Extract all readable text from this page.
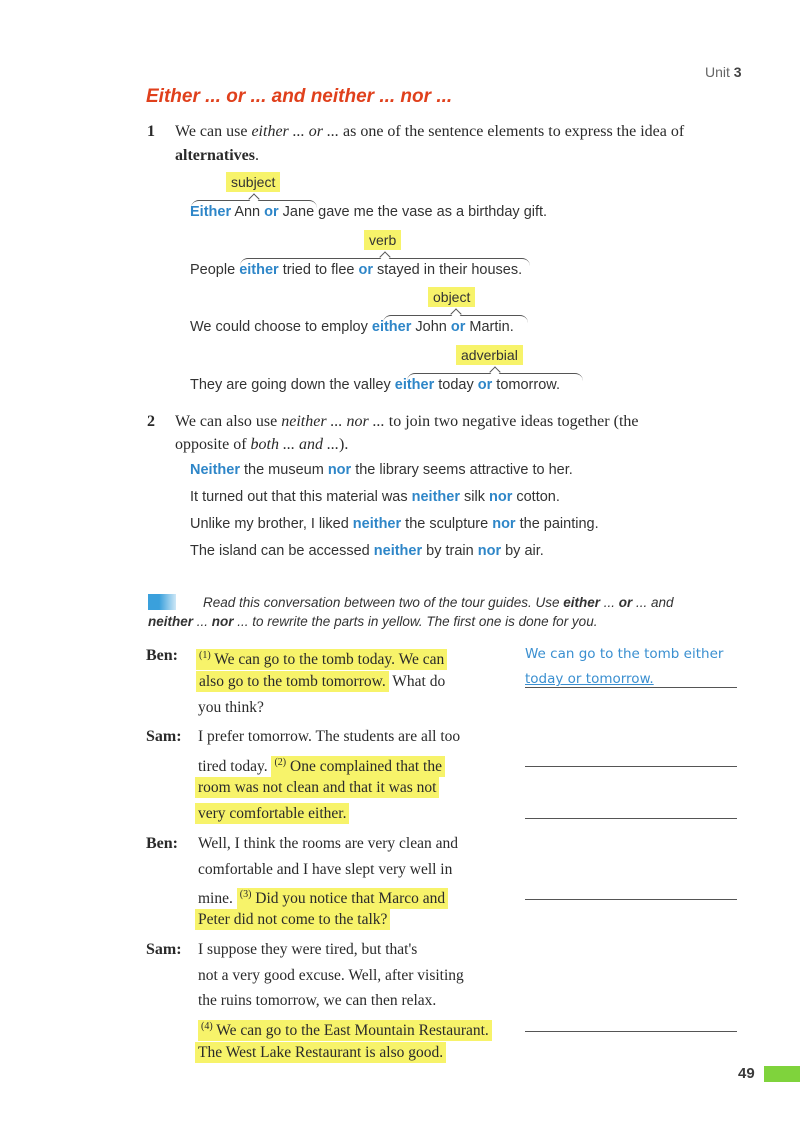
Unit 3
Either ... or ... and neither ... nor ...
1 We can use either ... or ... as one of the sentence elements to express the idea of
alternatives.
subject
Either Ann or Jane gave me the vase as a birthday gift.
verb
People either tried to flee or stayed in their houses.
object
We could choose to employ either John or Martin.
adverbial
They are going down the valley either today or tomorrow.
2 We can also use neither ... nor ... to join two negative ideas together (the
opposite of both ... and ...).
Neither the museum nor the library seems attractive to her.
It turned out that this material was neither silk nor cotton.
Unlike my brother, I liked neither the sculpture nor the painting.
The island can be accessed neither by train nor by air.
Read this conversation between two of the tour guides. Use either ... or ... and
neither ... nor ... to rewrite the parts in yellow. The first one is done for you.
Ben:	$^{(1)}$ We can go to the tomb today. We can
also go to the tomb tomorrow. What do
you think?
We can go to the tomb either
today or tomorrow.
Sam: I prefer tomorrow. The students are all too
tired today. $^{(2)}$ One complained that the
room was not clean and that it was not
very comfortable either.
Ben: Well, I think the rooms are very clean and
comfortable and I have slept very well in
mine. $^{(3)}$ Did you notice that Marco and
Peter did not come to the talk?
Sam: I suppose they were tired, but that's
not a very good excuse. Well, after visiting
the ruins tomorrow, we can then relax.
$^{(4)}$ We can go to the East Mountain Restaurant.
The West Lake Restaurant is also good.
49
